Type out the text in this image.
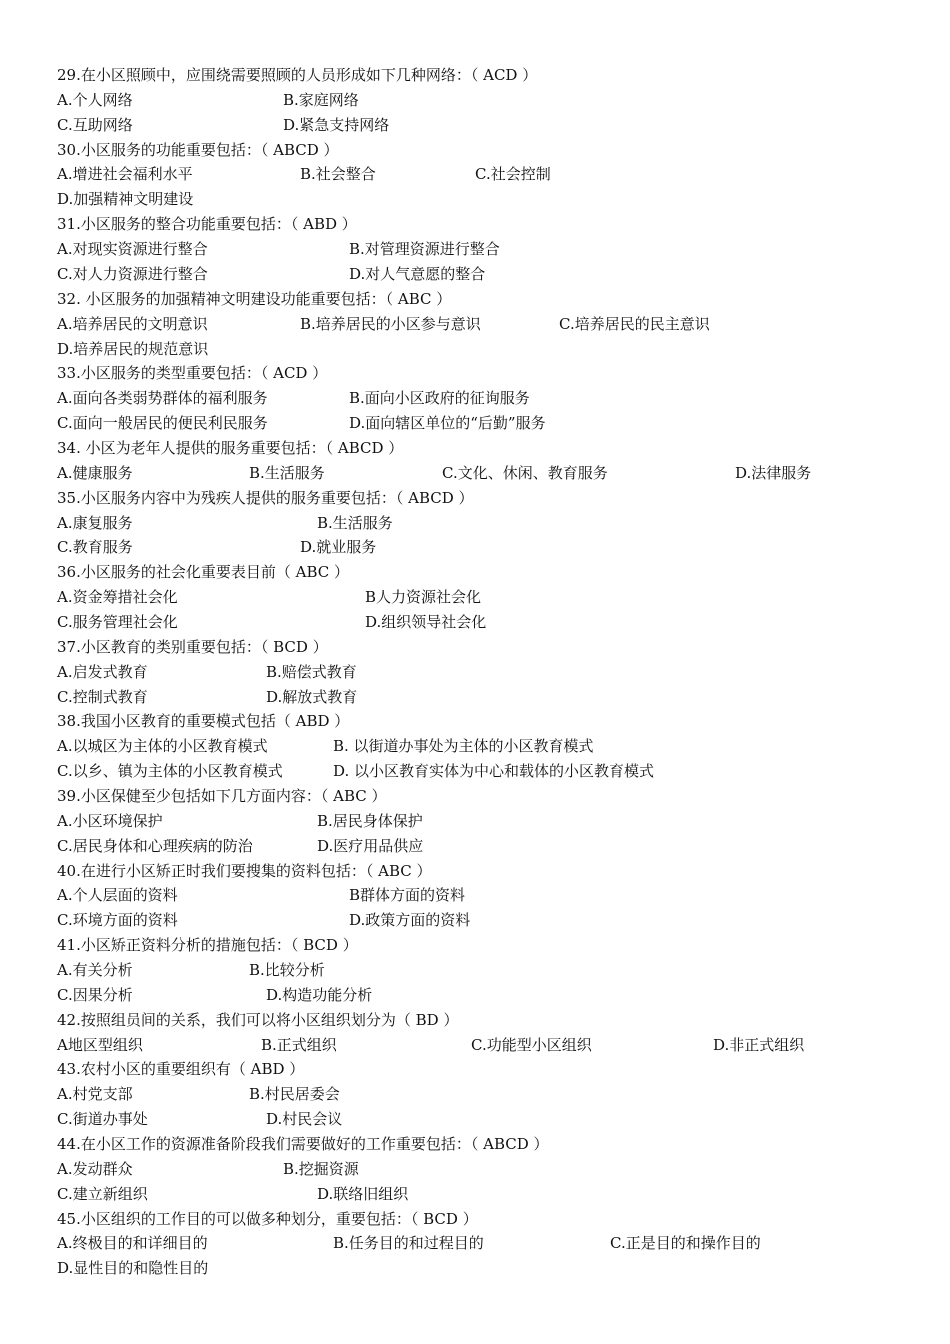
29.在小区照顾中，应围绕需要照顾的人员形成如下几种网络：（ ACD ）
A.个人网络	B.家庭网络
C.互助网络	D.紧急支持网络
30.小区服务的功能重要包括：（ ABCD ）
A.增进社会福利水平	B.社会整合	C.社会控制
D.加强精神文明建设
31.小区服务的整合功能重要包括：（ ABD ）
A.对现实资源进行整合	B.对管理资源进行整合
C.对人力资源进行整合	D.对人气意愿的整合
32. 小区服务的加强精神文明建设功能重要包括：（ ABC ）
A.培养居民的文明意识	B.培养居民的小区参与意识	C.培养居民的民主意识
D.培养居民的规范意识
33.小区服务的类型重要包括：（ ACD ）
A.面向各类弱势群体的福利服务	B.面向小区政府的征询服务
C.面向一般居民的便民利民服务	D.面向辖区单位的“后勤”服务
34. 小区为老年人提供的服务重要包括：（ ABCD ）
A.健康服务	B.生活服务	C.文化、休闲、教育服务	D.法律服务
35.小区服务内容中为残疾人提供的服务重要包括：（ ABCD ）
A.康复服务	B.生活服务
C.教育服务	D.就业服务
36.小区服务的社会化重要表目前（ ABC ）
A.资金筹措社会化	B人力资源社会化
C.服务管理社会化	D.组织领导社会化
37.小区教育的类别重要包括：（ BCD ）
A.启发式教育	B.赔偿式教育
C.控制式教育	D.解放式教育
38.我国小区教育的重要模式包括（ ABD ）
A.以城区为主体的小区教育模式	B. 以街道办事处为主体的小区教育模式
C.以乡、镇为主体的小区教育模式	D. 以小区教育实体为中心和载体的小区教育模式
39.小区保健至少包括如下几方面内容：（ ABC ）
A.小区环境保护	B.居民身体保护
C.居民身体和心理疾病的防治	D.医疗用品供应
40.在进行小区矫正时我们要搜集的资料包括：（ ABC ）
A.个人层面的资料	B群体方面的资料
C.环境方面的资料	D.政策方面的资料
41.小区矫正资料分析的措施包括：（ BCD ）
A.有关分析	B.比较分析
C.因果分析	D.构造功能分析
42.按照组员间的关系，我们可以将小区组织划分为（ BD ）
A地区型组织	B.正式组织	C.功能型小区组织	D.非正式组织
43.农村小区的重要组织有（ ABD ）
A.村党支部	B.村民居委会
C.街道办事处	D.村民会议
44.在小区工作的资源准备阶段我们需要做好的工作重要包括：（ ABCD ）
A.发动群众	B.挖掘资源
C.建立新组织	D.联络旧组织
45.小区组织的工作目的可以做多种划分，重要包括：（ BCD ）
A.终极目的和详细目的	B.任务目的和过程目的	C.正是目的和操作目的
D.显性目的和隐性目的
